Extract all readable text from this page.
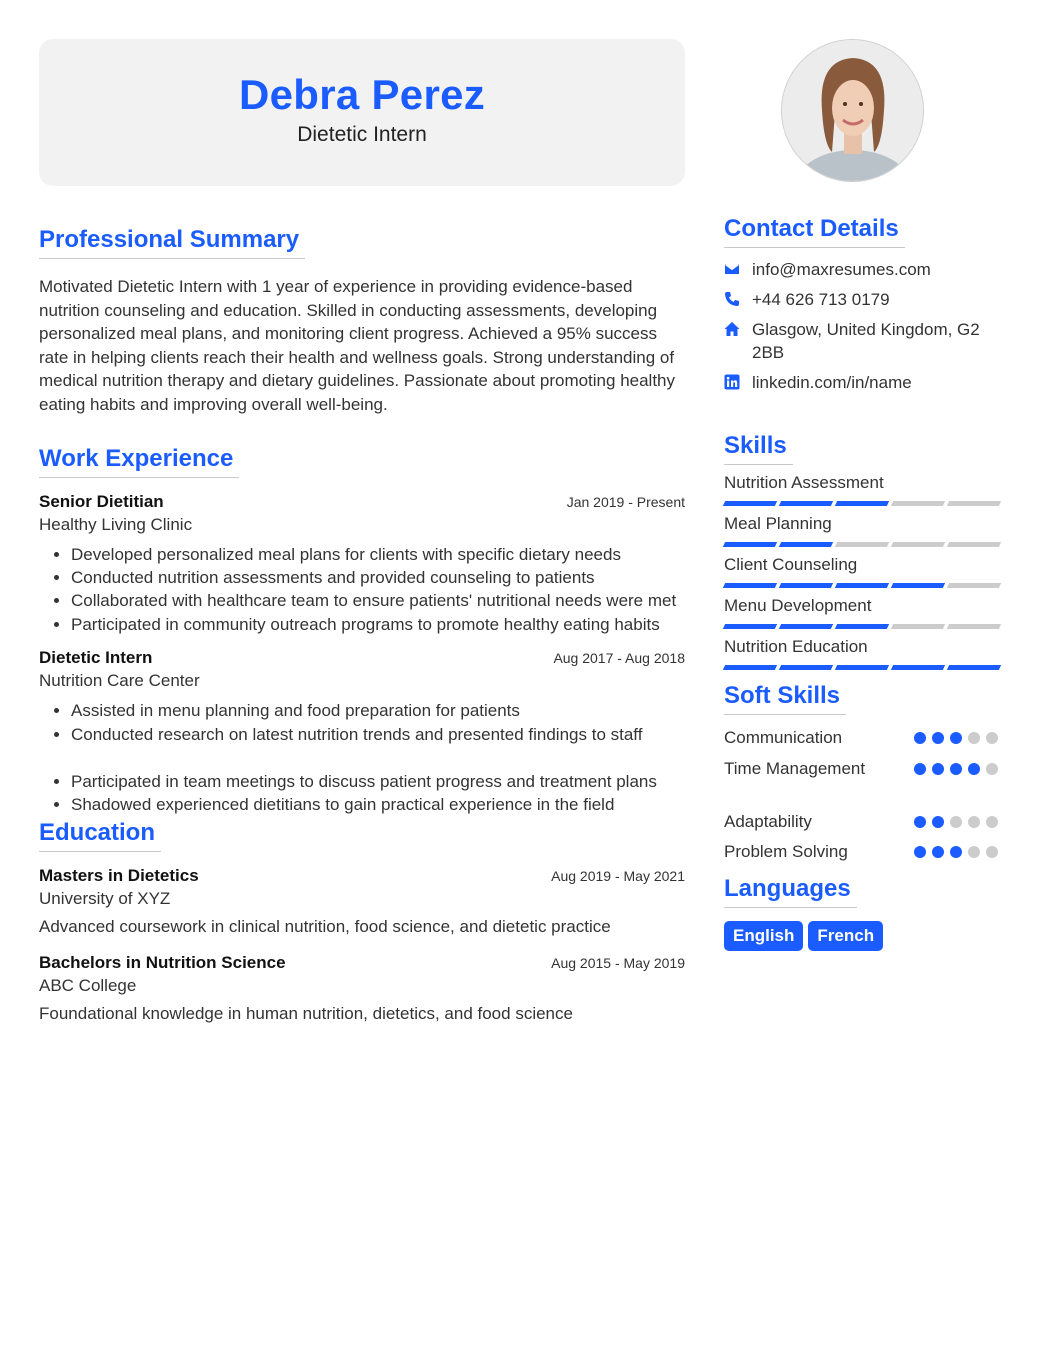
Debra Perez
Dietetic Intern
Professional Summary

Motivated Dietetic Intern with 1 year of experience in providing evidence-based nutrition counseling and education. Skilled in conducting assessments, developing personalized meal plans, and monitoring client progress. Achieved a 95% success rate in helping clients reach their health and wellness goals. Strong understanding of medical nutrition therapy and dietary guidelines. Passionate about promoting healthy eating habits and improving overall well-being.

Work Experience
Senior Dietitian	Jan 2019 - Present
Healthy Living Clinic
• Developed personalized meal plans for clients with specific dietary needs
• Conducted nutrition assessments and provided counseling to patients
• Collaborated with healthcare team to ensure patients' nutritional needs were met
• Participated in community outreach programs to promote healthy eating habits
Dietetic Intern	Aug 2017 - Aug 2018
Nutrition Care Center
• Assisted in menu planning and food preparation for patients
• Conducted research on latest nutrition trends and presented findings to staff
• Participated in team meetings to discuss patient progress and treatment plans
• Shadowed experienced dietitians to gain practical experience in the field
Education
Masters in Dietetics	Aug 2019 - May 2021
University of XYZ
Advanced coursework in clinical nutrition, food science, and dietetic practice
Bachelors in Nutrition Science	Aug 2015 - May 2019
ABC College
Foundational knowledge in human nutrition, dietetics, and food science
Contact Details
info@maxresumes.com
+44 626 713 0179
Glasgow, United Kingdom, G2 2BB
linkedin.com/in/name
Skills
Nutrition Assessment
Meal Planning
Client Counseling
Menu Development
Nutrition Education
Soft Skills
Communication
Time Management
Adaptability
Problem Solving
Languages
English	French
